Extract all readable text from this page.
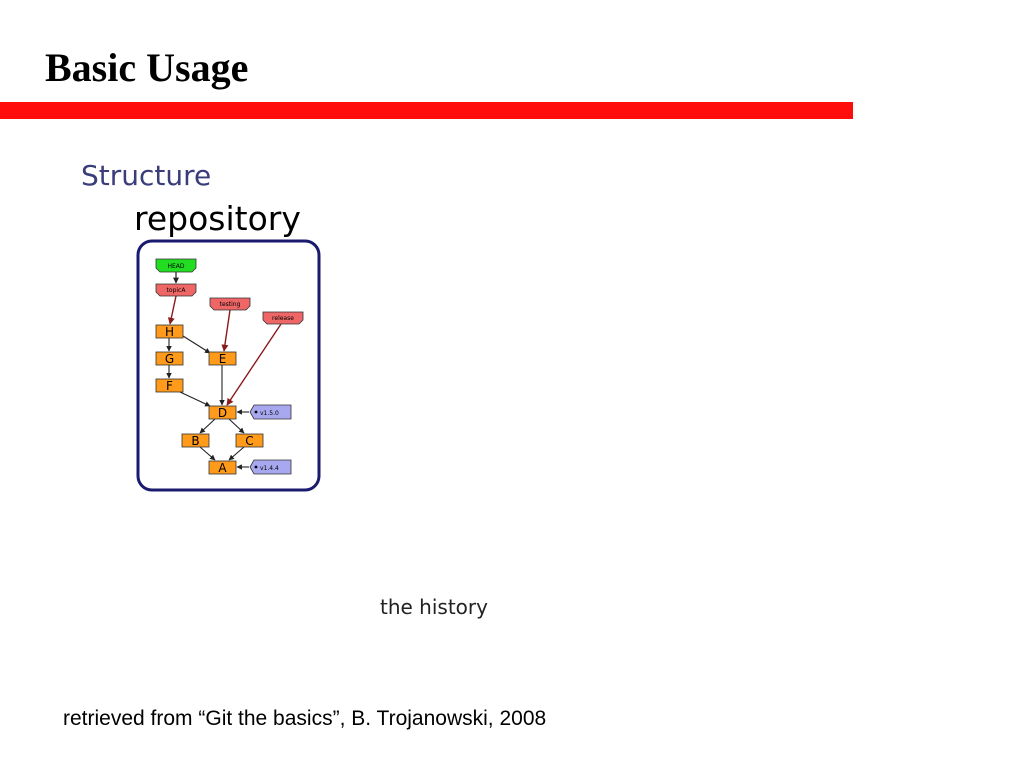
Basic Usage
Structure
repository
HEAD
topicA
testing
release
H
G
F
E
D
B	C
A
v1.5.0
v1.4.4
the history
retrieved from “Git the basics”, B. Trojanowski, 2008
